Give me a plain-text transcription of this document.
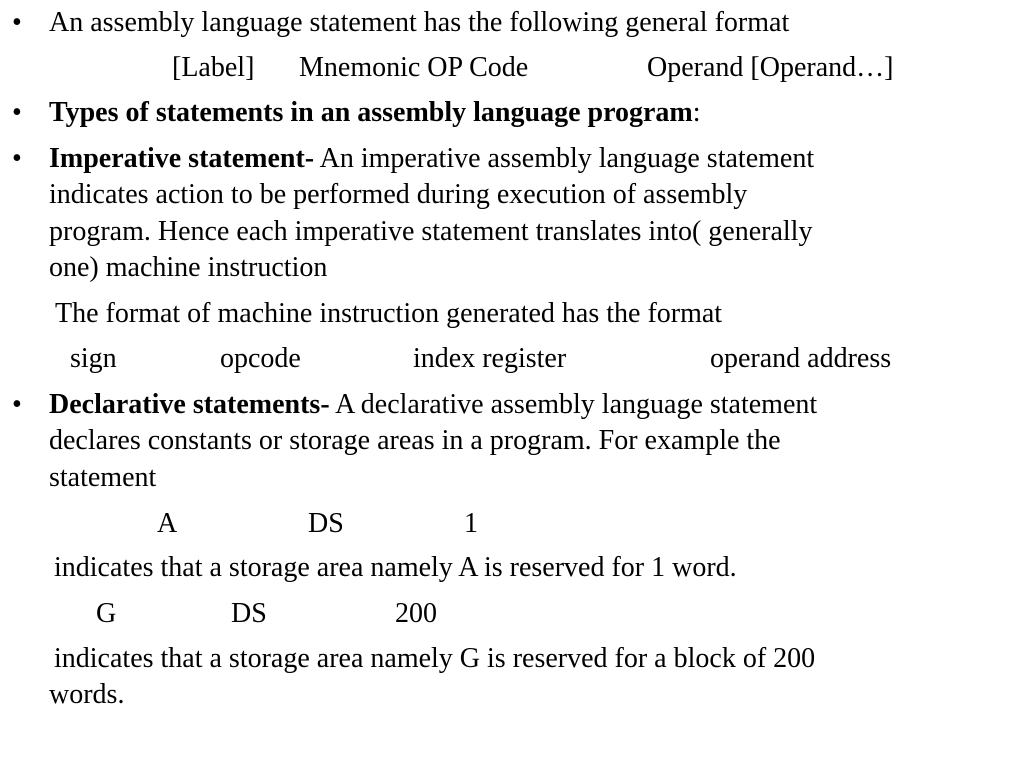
• An assembly language statement has the following general format
[Label] Mnemonic OP Code	Operand [Operand…]
• Types of statements in an assembly language program:
• Imperative statement- An imperative assembly language statement
indicates action to be performed during execution of assembly
program. Hence each imperative statement translates into( generally
one) machine instruction
The format of machine instruction generated has the format
sign	opcode	index register	operand address
• Declarative statements- A declarative assembly language statement
declares constants or storage areas in a program. For example the
statement
A	DS	1
indicates that a storage area namely A is reserved for 1 word.
G	DS	200
indicates that a storage area namely G is reserved for a block of 200
words.
